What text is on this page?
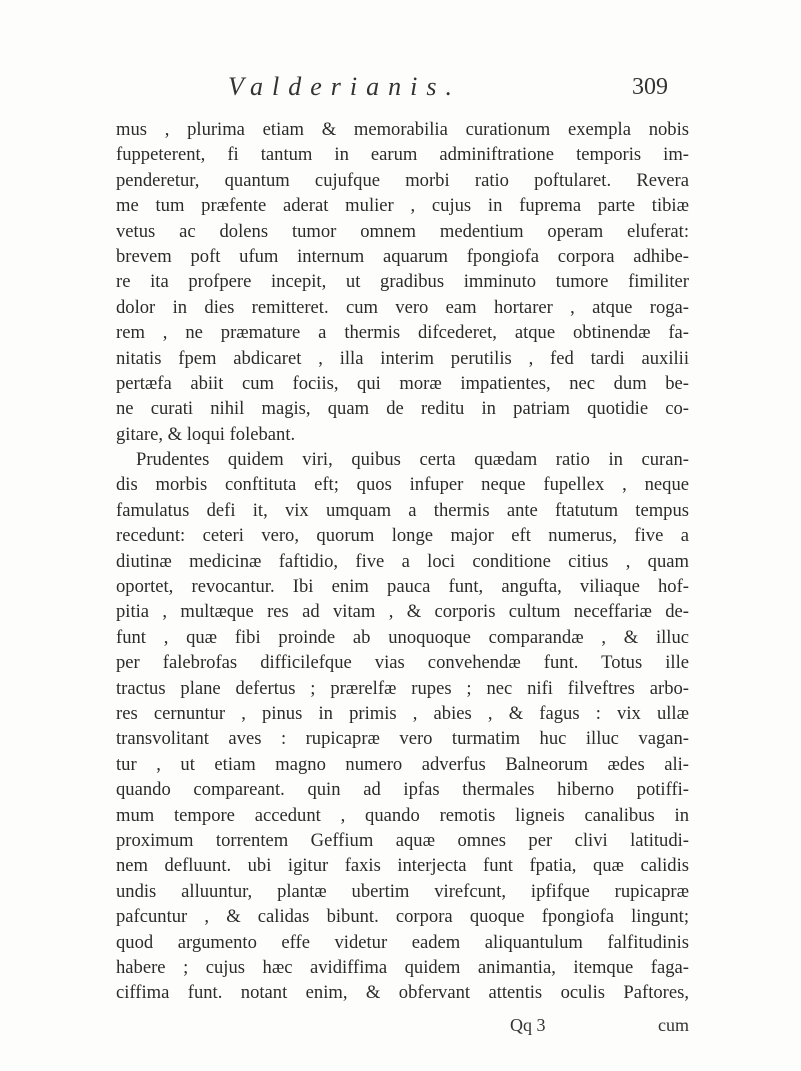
Valderianis.	309
mus , plurima etiam & memorabilia curationum exempla nobis
fuppeterent, fi tantum in earum adminiftratione temporis im-
penderetur, quantum cujufque morbi ratio poftularet. Revera
me tum præfente aderat mulier , cujus in fuprema parte tibiæ
vetus ac dolens tumor omnem medentium operam eluferat:
brevem poft ufum internum aquarum fpongiofa corpora adhibe-
re ita profpere incepit, ut gradibus imminuto tumore fimiliter
dolor in dies remitteret. cum vero eam hortarer , atque roga-
rem , ne præmature a thermis difcederet, atque obtinendæ fa-
nitatis fpem abdicaret , illa interim perutilis , fed tardi auxilii
pertæfa abiit cum fociis, qui moræ impatientes, nec dum be-
ne curati nihil magis, quam de reditu in patriam quotidie co-
gitare, & loqui folebant.
Prudentes quidem viri, quibus certa quædam ratio in curan-
dis morbis conftituta eft; quos infuper neque fupellex , neque
famulatus defi it, vix umquam a thermis ante ftatutum tempus
recedunt: ceteri vero, quorum longe major eft numerus, five a
diutinæ medicinæ faftidio, five a loci conditione citius , quam
oportet, revocantur. Ibi enim pauca funt, angufta, viliaque hof-
pitia , multæque res ad vitam , & corporis cultum neceffariæ de-
funt , quæ fibi proinde ab unoquoque comparandæ , & illuc
per falebrofas difficilefque vias convehendæ funt. Totus ille
tractus plane defertus ; prærelfæ rupes ; nec nifi filveftres arbo-
res cernuntur , pinus in primis , abies , & fagus : vix ullæ
transvolitant aves : rupicapræ vero turmatim huc illuc vagan-
tur , ut etiam magno numero adverfus Balneorum ædes ali-
quando compareant. quin ad ipfas thermales hiberno potiffi-
mum tempore accedunt , quando remotis ligneis canalibus in
proximum torrentem Geffium aquæ omnes per clivi latitudi-
nem defluunt. ubi igitur faxis interjecta funt fpatia, quæ calidis
undis alluuntur, plantæ ubertim virefcunt, ipfifque rupicapræ
pafcuntur , & calidas bibunt. corpora quoque fpongiofa lingunt;
quod argumento effe videtur eadem aliquantulum falfitudinis
habere ; cujus hæc avidiffima quidem animantia, itemque faga-
ciffima funt. notant enim, & obfervant attentis oculis Paftores,
Qq 3	cum
